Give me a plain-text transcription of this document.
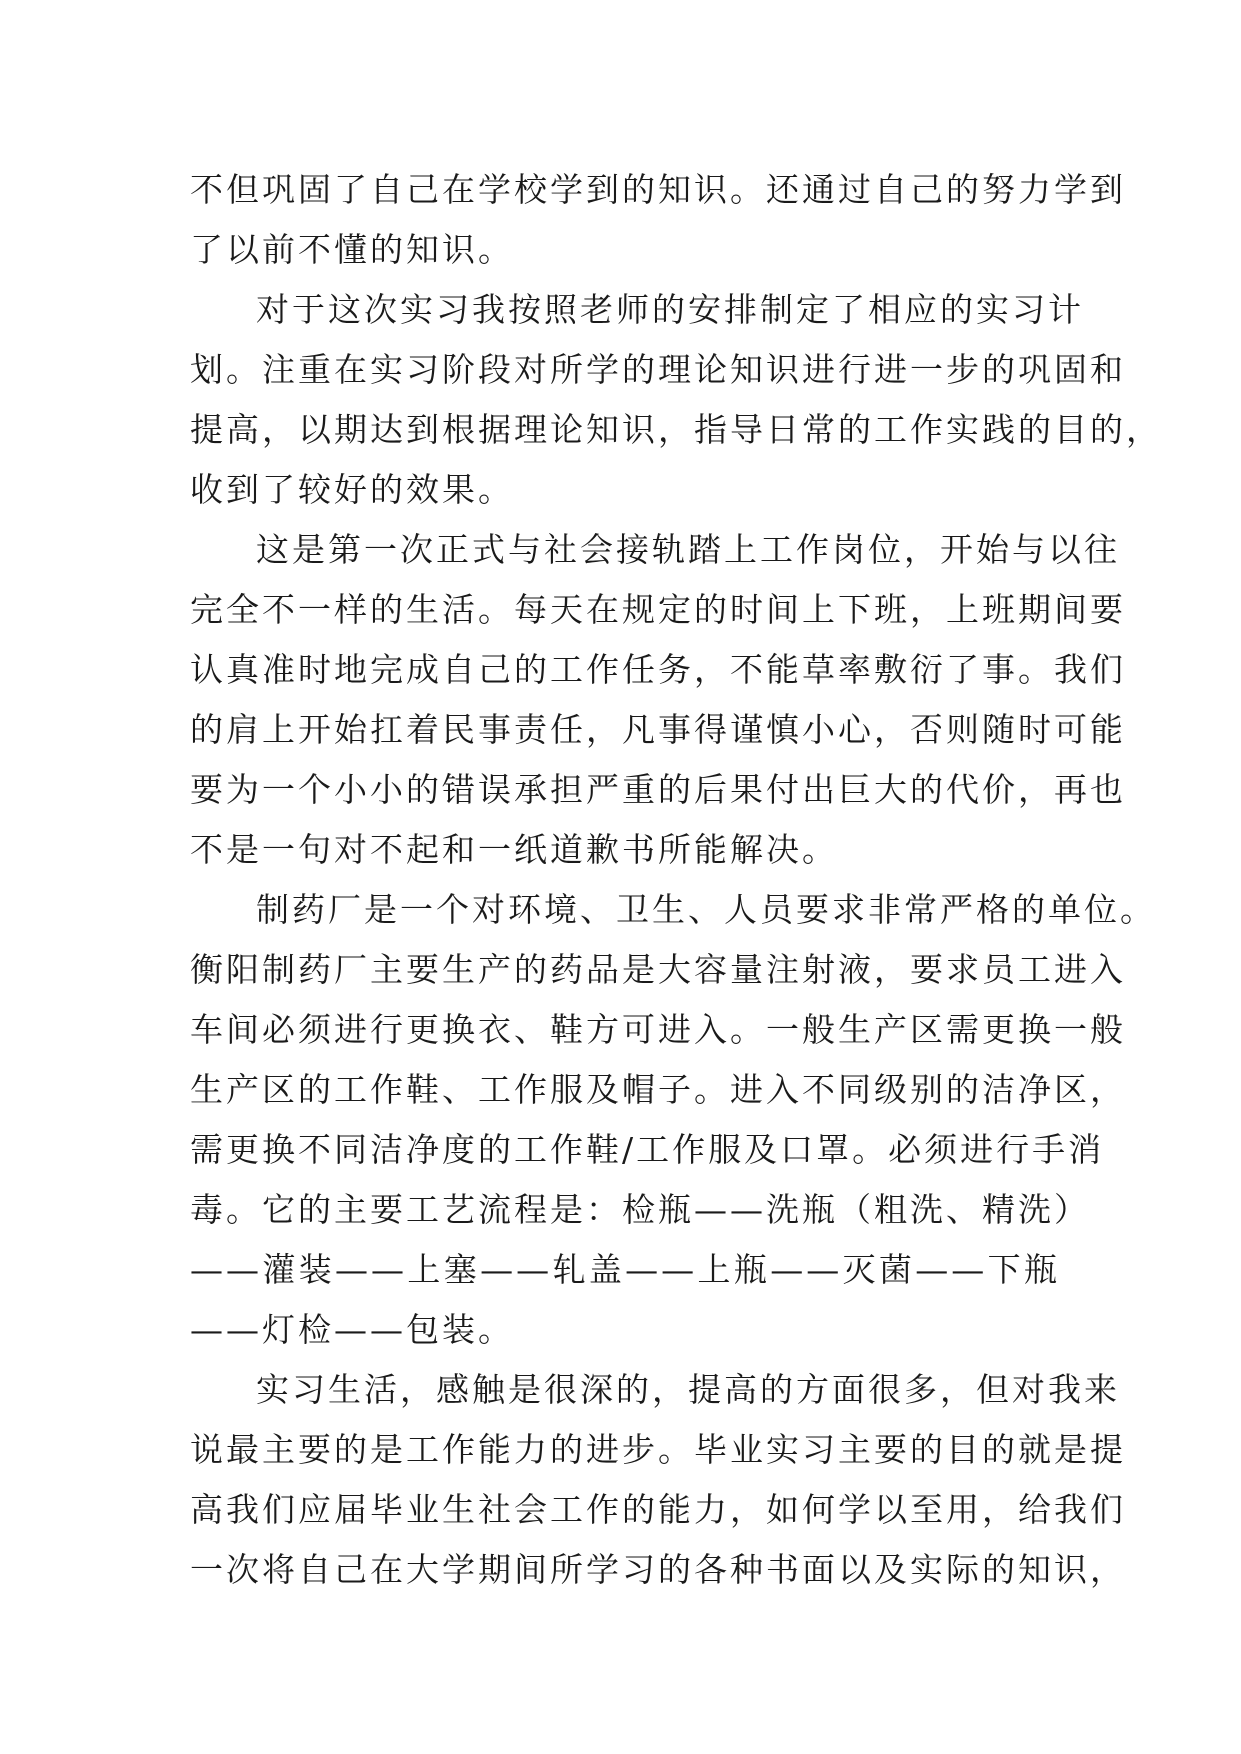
不但巩固了自己在学校学到的知识。还通过自己的努力学到
了以前不懂的知识。
对于这次实习我按照老师的安排制定了相应的实习计
划。注重在实习阶段对所学的理论知识进行进一步的巩固和
提高，以期达到根据理论知识，指导日常的工作实践的目的，
收到了较好的效果。
这是第一次正式与社会接轨踏上工作岗位，开始与以往
完全不一样的生活。每天在规定的时间上下班，上班期间要
认真准时地完成自己的工作任务，不能草率敷衍了事。我们
的肩上开始扛着民事责任，凡事得谨慎小心，否则随时可能
要为一个小小的错误承担严重的后果付出巨大的代价，再也
不是一句对不起和一纸道歉书所能解决。
制药厂是一个对环境、卫生、人员要求非常严格的单位。
衡阳制药厂主要生产的药品是大容量注射液，要求员工进入
车间必须进行更换衣、鞋方可进入。一般生产区需更换一般
生产区的工作鞋、工作服及帽子。进入不同级别的洁净区，
需更换不同洁净度的工作鞋/工作服及口罩。必须进行手消
毒。它的主要工艺流程是：检瓶——洗瓶（粗洗、精洗）
——灌装——上塞——轧盖——上瓶——灭菌——下瓶
——灯检——包装。
实习生活，感触是很深的，提高的方面很多，但对我来
说最主要的是工作能力的进步。毕业实习主要的目的就是提
高我们应届毕业生社会工作的能力，如何学以至用，给我们
一次将自己在大学期间所学习的各种书面以及实际的知识，
